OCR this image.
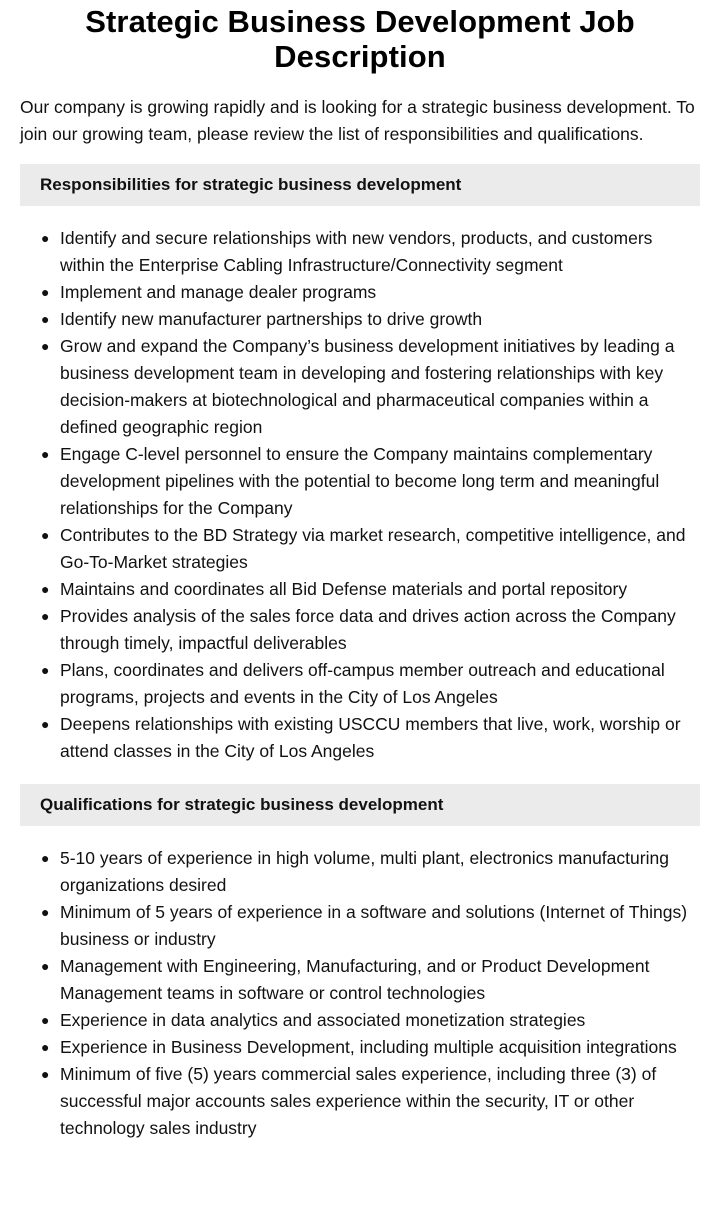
Strategic Business Development Job Description

Our company is growing rapidly and is looking for a strategic business development. To join our growing team, please review the list of responsibilities and qualifications.

Responsibilities for strategic business development
● Identify and secure relationships with new vendors, products, and customers within the Enterprise Cabling Infrastructure/Connectivity segment
● Implement and manage dealer programs
● Identify new manufacturer partnerships to drive growth
● Grow and expand the Company’s business development initiatives by leading a business development team in developing and fostering relationships with key decision-makers at biotechnological and pharmaceutical companies within a defined geographic region
● Engage C-level personnel to ensure the Company maintains complementary development pipelines with the potential to become long term and meaningful relationships for the Company
● Contributes to the BD Strategy via market research, competitive intelligence, and Go-To-Market strategies
● Maintains and coordinates all Bid Defense materials and portal repository
● Provides analysis of the sales force data and drives action across the Company through timely, impactful deliverables
● Plans, coordinates and delivers off-campus member outreach and educational programs, projects and events in the City of Los Angeles
● Deepens relationships with existing USCCU members that live, work, worship or attend classes in the City of Los Angeles
Qualifications for strategic business development
● 5-10 years of experience in high volume, multi plant, electronics manufacturing organizations desired
● Minimum of 5 years of experience in a software and solutions (Internet of Things) business or industry
● Management with Engineering, Manufacturing, and or Product Development Management teams in software or control technologies
● Experience in data analytics and associated monetization strategies
● Experience in Business Development, including multiple acquisition integrations
● Minimum of five (5) years commercial sales experience, including three (3) of successful major accounts sales experience within the security, IT or other technology sales industry
